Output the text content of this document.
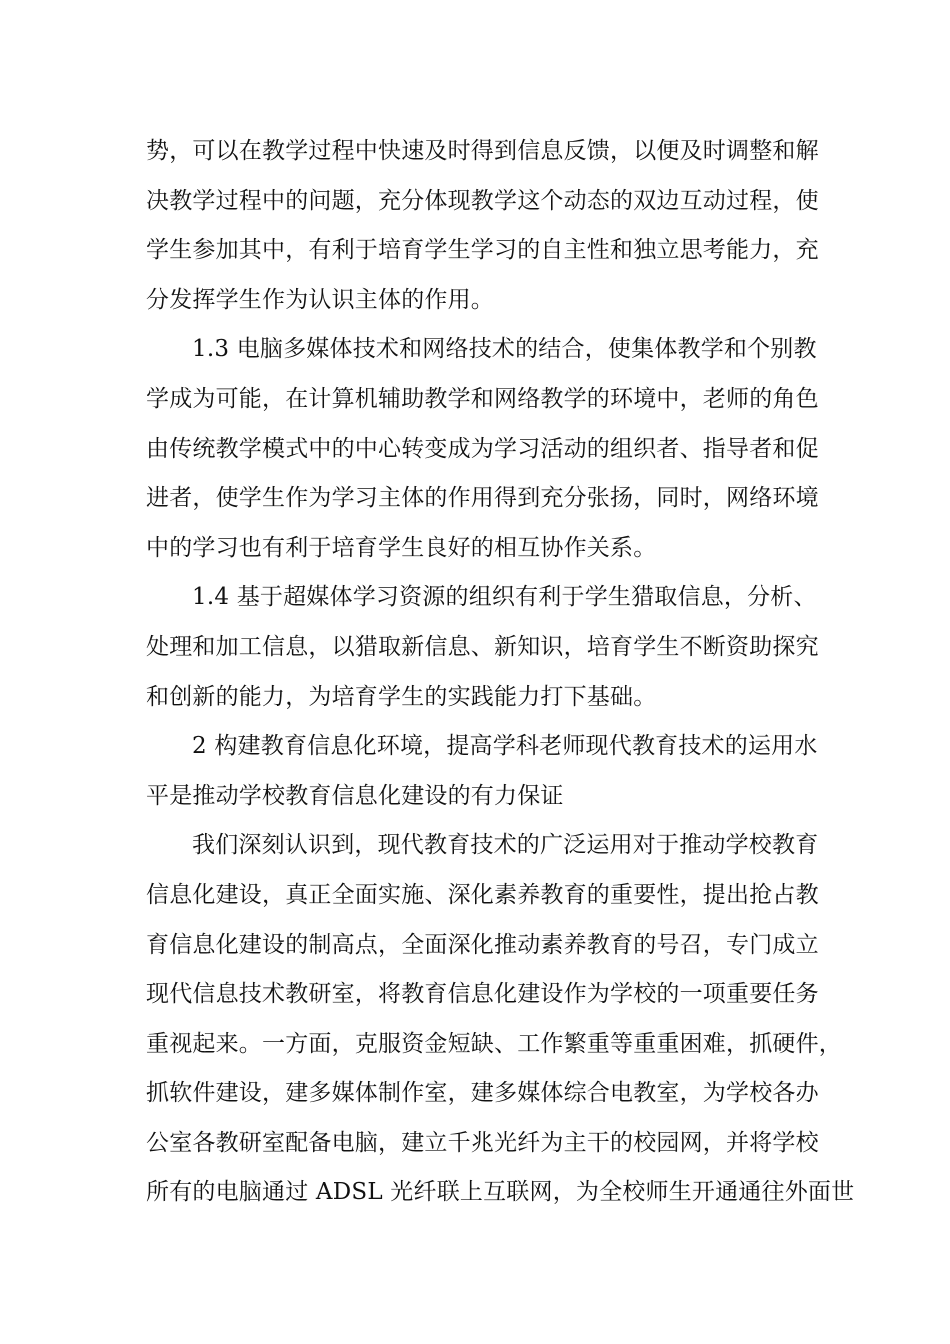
势，可以在教学过程中快速及时得到信息反馈，以便及时调整和解
决教学过程中的问题，充分体现教学这个动态的双边互动过程，使
学生参加其中，有利于培育学生学习的自主性和独立思考能力，充
分发挥学生作为认识主体的作用。
1.3 电脑多媒体技术和网络技术的结合，使集体教学和个别教
学成为可能，在计算机辅助教学和网络教学的环境中，老师的角色
由传统教学模式中的中心转变成为学习活动的组织者、指导者和促
进者，使学生作为学习主体的作用得到充分张扬，同时，网络环境
中的学习也有利于培育学生良好的相互协作关系。
1.4 基于超媒体学习资源的组织有利于学生猎取信息，分析、
处理和加工信息，以猎取新信息、新知识，培育学生不断资助探究
和创新的能力，为培育学生的实践能力打下基础。
2 构建教育信息化环境，提高学科老师现代教育技术的运用水
平是推动学校教育信息化建设的有力保证
我们深刻认识到，现代教育技术的广泛运用对于推动学校教育
信息化建设，真正全面实施、深化素养教育的重要性，提出抢占教
育信息化建设的制高点，全面深化推动素养教育的号召，专门成立
现代信息技术教研室，将教育信息化建设作为学校的一项重要任务
重视起来。一方面，克服资金短缺、工作繁重等重重困难，抓硬件，
抓软件建设，建多媒体制作室，建多媒体综合电教室，为学校各办
公室各教研室配备电脑，建立千兆光纤为主干的校园网，并将学校
所有的电脑通过 ADSL 光纤联上互联网，为全校师生开通通往外面世
